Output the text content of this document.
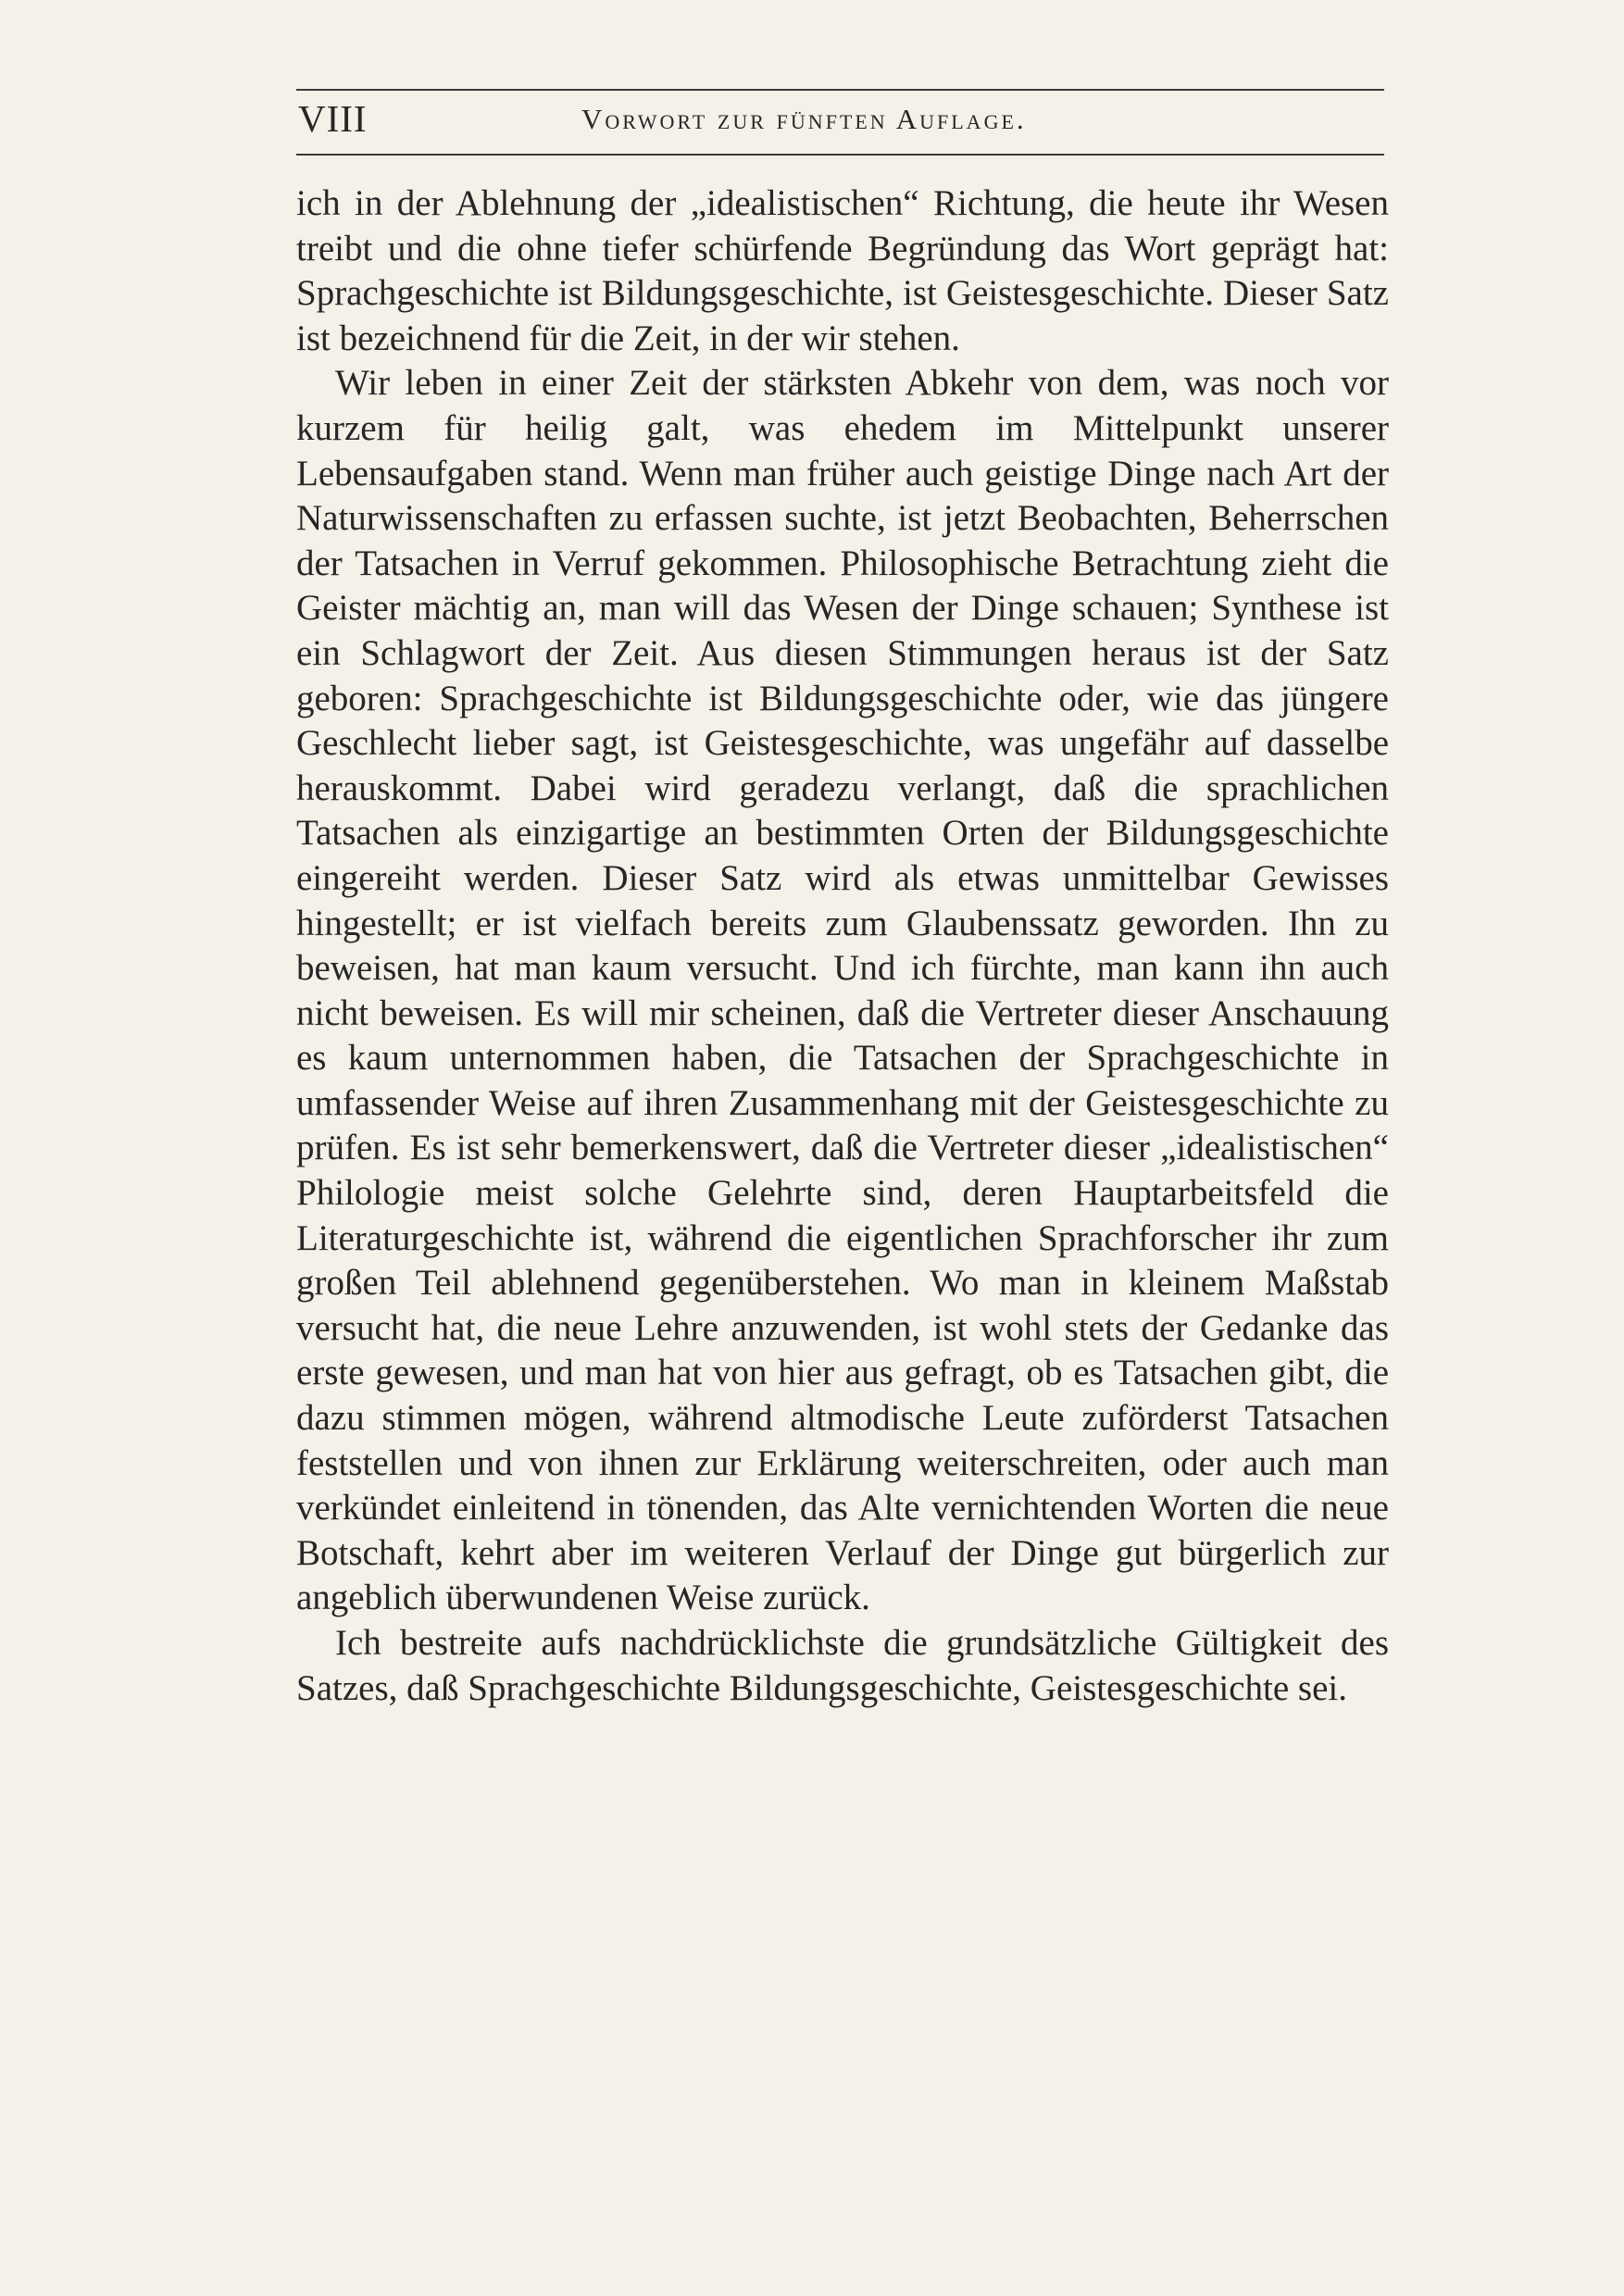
VIII	Vorwort zur fünften Auflage.

ich in der Ablehnung der „idealistischen“ Richtung, die heute ihr Wesen treibt und die ohne tiefer schürfende Begründung das Wort geprägt hat: Sprachgeschichte ist Bildungsgeschichte, ist Geistesgeschichte. Dieser Satz ist bezeichnend für die Zeit, in der wir stehen.

Wir leben in einer Zeit der stärksten Abkehr von dem, was noch vor kurzem für heilig galt, was ehedem im Mittelpunkt unserer Lebensaufgaben stand. Wenn man früher auch geistige Dinge nach Art der Naturwissenschaften zu erfassen suchte, ist jetzt Beobachten, Beherrschen der Tatsachen in Verruf gekommen. Philosophische Betrachtung zieht die Geister mächtig an, man will das Wesen der Dinge schauen; Synthese ist ein Schlagwort der Zeit. Aus diesen Stimmungen heraus ist der Satz geboren: Sprachgeschichte ist Bildungsgeschichte oder, wie das jüngere Geschlecht lieber sagt, ist Geistesgeschichte, was ungefähr auf dasselbe herauskommt. Dabei wird geradezu verlangt, daß die sprachlichen Tatsachen als einzigartige an bestimmten Orten der Bildungsgeschichte eingereiht werden. Dieser Satz wird als etwas unmittelbar Gewisses hingestellt; er ist vielfach bereits zum Glaubenssatz geworden. Ihn zu beweisen, hat man kaum versucht. Und ich fürchte, man kann ihn auch nicht beweisen. Es will mir scheinen, daß die Vertreter dieser Anschauung es kaum unternommen haben, die Tatsachen der Sprachgeschichte in umfassender Weise auf ihren Zusammenhang mit der Geistesgeschichte zu prüfen. Es ist sehr bemerkenswert, daß die Vertreter dieser „idealistischen“ Philologie meist solche Gelehrte sind, deren Hauptarbeitsfeld die Literaturgeschichte ist, während die eigentlichen Sprachforscher ihr zum großen Teil ablehnend gegenüberstehen. Wo man in kleinem Maßstab versucht hat, die neue Lehre anzuwenden, ist wohl stets der Gedanke das erste gewesen, und man hat von hier aus gefragt, ob es Tatsachen gibt, die dazu stimmen mögen, während altmodische Leute zuförderst Tatsachen feststellen und von ihnen zur Erklärung weiterschreiten, oder auch man verkündet einleitend in tönenden, das Alte vernichtenden Worten die neue Botschaft, kehrt aber im weiteren Verlauf der Dinge gut bürgerlich zur angeblich überwundenen Weise zurück.

Ich bestreite aufs nachdrücklichste die grundsätzliche Gültigkeit des Satzes, daß Sprachgeschichte Bildungsgeschichte, Geistesgeschichte sei.
